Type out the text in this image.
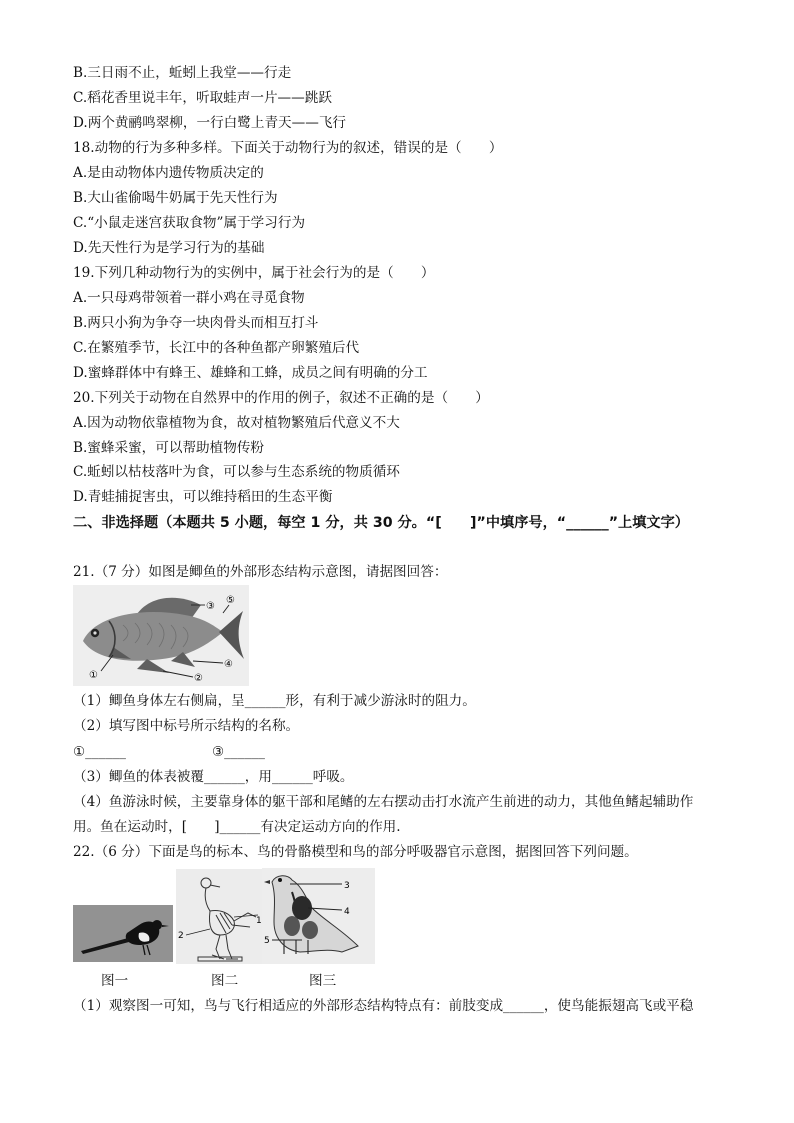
B.三日雨不止，蚯蚓上我堂——行走
C.稻花香里说丰年，听取蛙声一片——跳跃
D.两个黄鹂鸣翠柳，一行白鹭上青天——飞行
18.动物的行为多种多样。下面关于动物行为的叙述，错误的是（　　）
A.是由动物体内遗传物质决定的
B.大山雀偷喝牛奶属于先天性行为
C.“小鼠走迷宫获取食物”属于学习行为
D.先天性行为是学习行为的基础
19.下列几种动物行为的实例中，属于社会行为的是（　　）
A.一只母鸡带领着一群小鸡在寻觅食物
B.两只小狗为争夺一块肉骨头而相互打斗
C.在繁殖季节，长江中的各种鱼都产卵繁殖后代
D.蜜蜂群体中有蜂王、雄蜂和工蜂，成员之间有明确的分工
20.下列关于动物在自然界中的作用的例子，叙述不正确的是（　　）
A.因为动物依靠植物为食，故对植物繁殖后代意义不大
B.蜜蜂采蜜，可以帮助植物传粉
C.蚯蚓以枯枝落叶为食，可以参与生态系统的物质循环
D.青蛙捕捉害虫，可以维持稻田的生态平衡
二、非选择题（本题共 5 小题，每空 1 分，共 30 分。“[　　]”中填序号，“______”上填文字）
21.（7 分）如图是鲫鱼的外部形态结构示意图，请据图回答：
③
⑤
①
④
②
（1）鲫鱼身体左右侧扁，呈______形，有利于减少游泳时的阻力。
（2）填写图中标号所示结构的名称。
①______	③______
（3）鲫鱼的体表被覆______，用______呼吸。
（4）鱼游泳时候，主要靠身体的躯干部和尾鳍的左右摆动击打水流产生前进的动力，其他鱼鳍起辅助作
用。鱼在运动时，[　　]______有决定运动方向的作用.
22.（6 分）下面是鸟的标本、鸟的骨骼模型和鸟的部分呼吸器官示意图，据图回答下列问题。
2
1
3
4
5
图一	图二	图三
（1）观察图一可知，鸟与飞行相适应的外部形态结构特点有：前肢变成______，使鸟能振翅高飞或平稳
